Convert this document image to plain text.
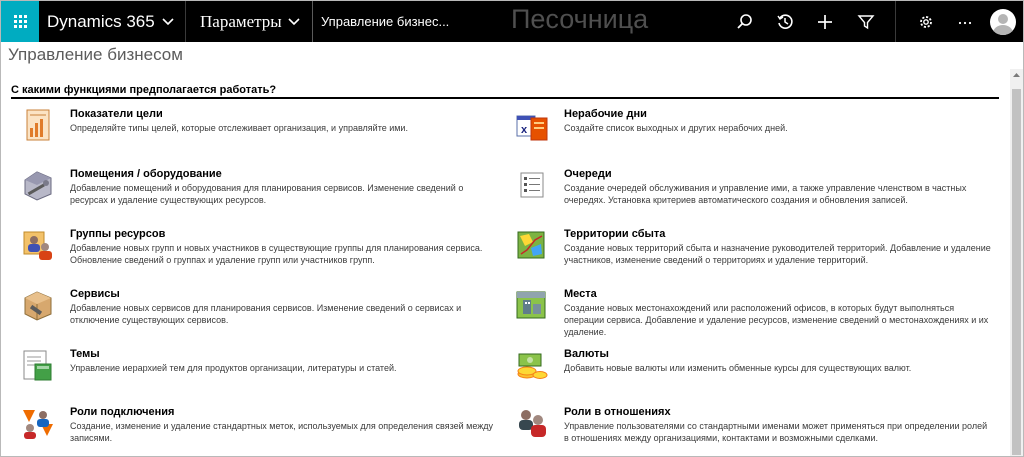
Dynamics 365	Параметры	Управление бизнес...	Песочница
Управление бизнесом
С какими функциями предполагается работать?
Показатели цели
Определяйте типы целей, которые отслеживает организация, и управляйте ими.
Помещения / оборудование
Добавление помещений и оборудования для планирования сервисов. Изменение сведений о ресурсах и удаление существующих ресурсов.
Группы ресурсов
Добавление новых групп и новых участников в существующие группы для планирования сервиса. Обновление сведений о группах и удаление групп или участников групп.
Сервисы
Добавление новых сервисов для планирования сервисов. Изменение сведений о сервисах и отключение существующих сервисов.
Темы
Управление иерархией тем для продуктов организации, литературы и статей.
Роли подключения
Создание, изменение и удаление стандартных меток, используемых для определения связей между записями.
x
Нерабочие дни
Создайте список выходных и других нерабочих дней.
Очереди
Создание очередей обслуживания и управление ими, а также управление членством в частных очередях. Установка критериев автоматического создания и обновления записей.
Территории сбыта
Создание новых территорий сбыта и назначение руководителей территорий. Добавление и удаление участников, изменение сведений о территориях и удаление территорий.
Места
Создание новых местонахождений или расположений офисов, в которых будут выполняться операции сервиса. Добавление и удаление ресурсов, изменение сведений о местонахождениях и их удаление.
Валюты
Добавить новые валюты или изменить обменные курсы для существующих валют.
Роли в отношениях
Управление пользователями со стандартными именами может применяться при определении ролей в отношениях между организациями, контактами и возможными сделками.
